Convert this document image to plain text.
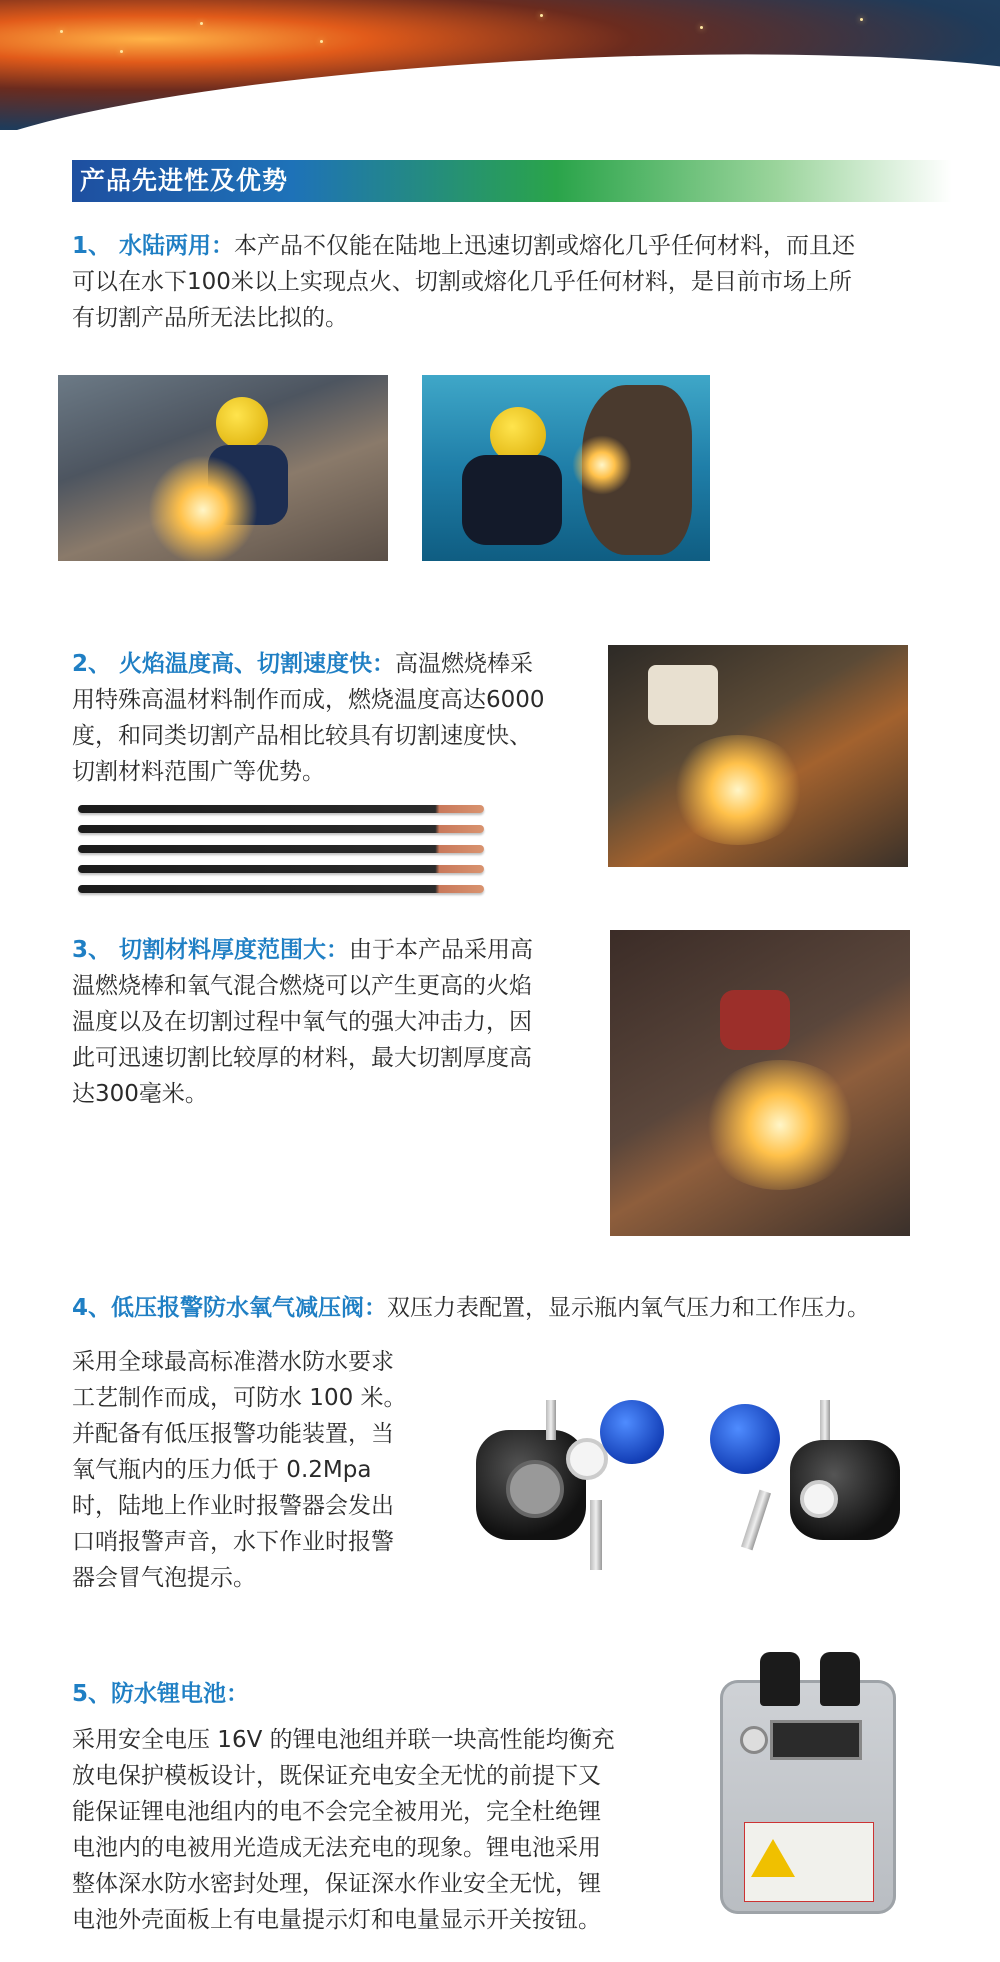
产品先进性及优势
1、 水陆两用：本产品不仅能在陆地上迅速切割或熔化几乎任何材料，而且还
可以在水下100米以上实现点火、切割或熔化几乎任何材料，是目前市场上所
有切割产品所无法比拟的。
2、 火焰温度高、切割速度快：高温燃烧棒采
用特殊高温材料制作而成，燃烧温度高达6000
度，和同类切割产品相比较具有切割速度快、
切割材料范围广等优势。
3、 切割材料厚度范围大：由于本产品采用高
温燃烧棒和氧气混合燃烧可以产生更高的火焰
温度以及在切割过程中氧气的强大冲击力，因
此可迅速切割比较厚的材料，最大切割厚度高
达300毫米。
4、低压报警防水氧气减压阀：双压力表配置，显示瓶内氧气压力和工作压力。
采用全球最高标准潜水防水要求
工艺制作而成，可防水 100 米。
并配备有低压报警功能装置，当
氧气瓶内的压力低于 0.2Mpa
时，陆地上作业时报警器会发出
口哨报警声音，水下作业时报警
器会冒气泡提示。
5、防水锂电池：
采用安全电压 16V 的锂电池组并联一块高性能均衡充
放电保护模板设计，既保证充电安全无忧的前提下又
能保证锂电池组内的电不会完全被用光，完全杜绝锂
电池内的电被用光造成无法充电的现象。锂电池采用
整体深水防水密封处理，保证深水作业安全无忧，锂
电池外壳面板上有电量提示灯和电量显示开关按钮。
